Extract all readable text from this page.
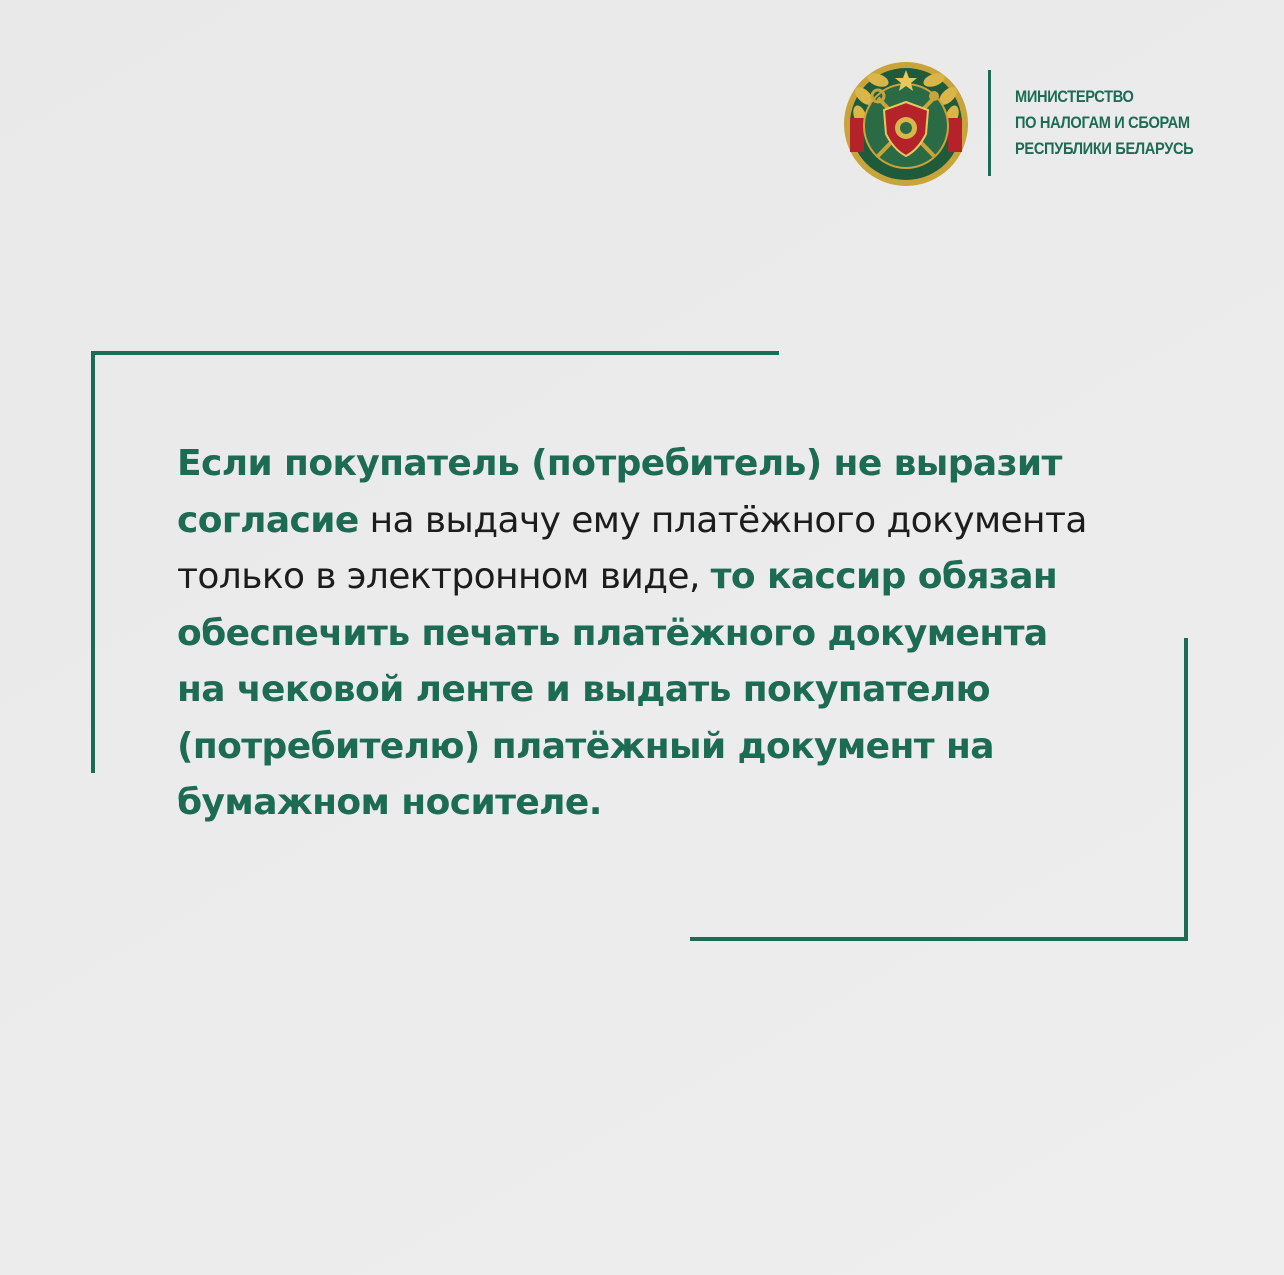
МИНИСТЕРСТВО
ПО НАЛОГАМ И СБОРАМ
РЕСПУБЛИКИ БЕЛАРУСЬ

Если покупатель (потребитель) не выразит согласие на выдачу ему платёжного документа только в электронном виде, то кассир обязан обеспечить печать платёжного документа на чековой ленте и выдать покупателю (потребителю) платёжный документ на бумажном носителе.
